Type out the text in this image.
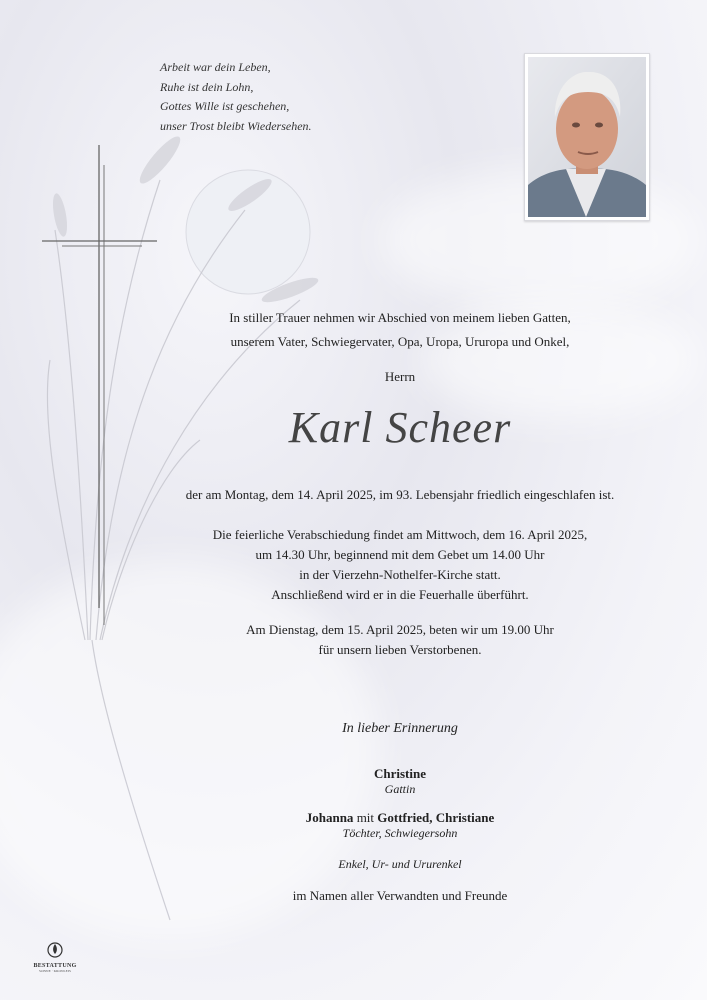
Arbeit war dein Leben,
Ruhe ist dein Lohn,
Gottes Wille ist geschehen,
unser Trost bleibt Wiedersehen.
In stiller Trauer nehmen wir Abschied von meinem lieben Gatten,
unserem Vater, Schwiegervater, Opa, Uropa, Ururopa und Onkel,
Herrn
Karl Scheer
der am Montag, dem 14. April 2025, im 93. Lebensjahr friedlich eingeschlafen ist.
Die feierliche Verabschiedung findet am Mittwoch, dem 16. April 2025,
um 14.30 Uhr, beginnend mit dem Gebet um 14.00 Uhr
in der Vierzehn-Nothelfer-Kirche statt.
Anschließend wird er in die Feuerhalle überführt.
Am Dienstag, dem 15. April 2025, beten wir um 19.00 Uhr
für unsern lieben Verstorbenen.
In lieber Erinnerung
Christine
Gattin
Johanna mit Gottfried, Christiane
Töchter, Schwiegersohn
Enkel, Ur- und Ururenkel
im Namen aller Verwandten und Freunde
BESTATTUNG
SONNE · KRONLEIS
